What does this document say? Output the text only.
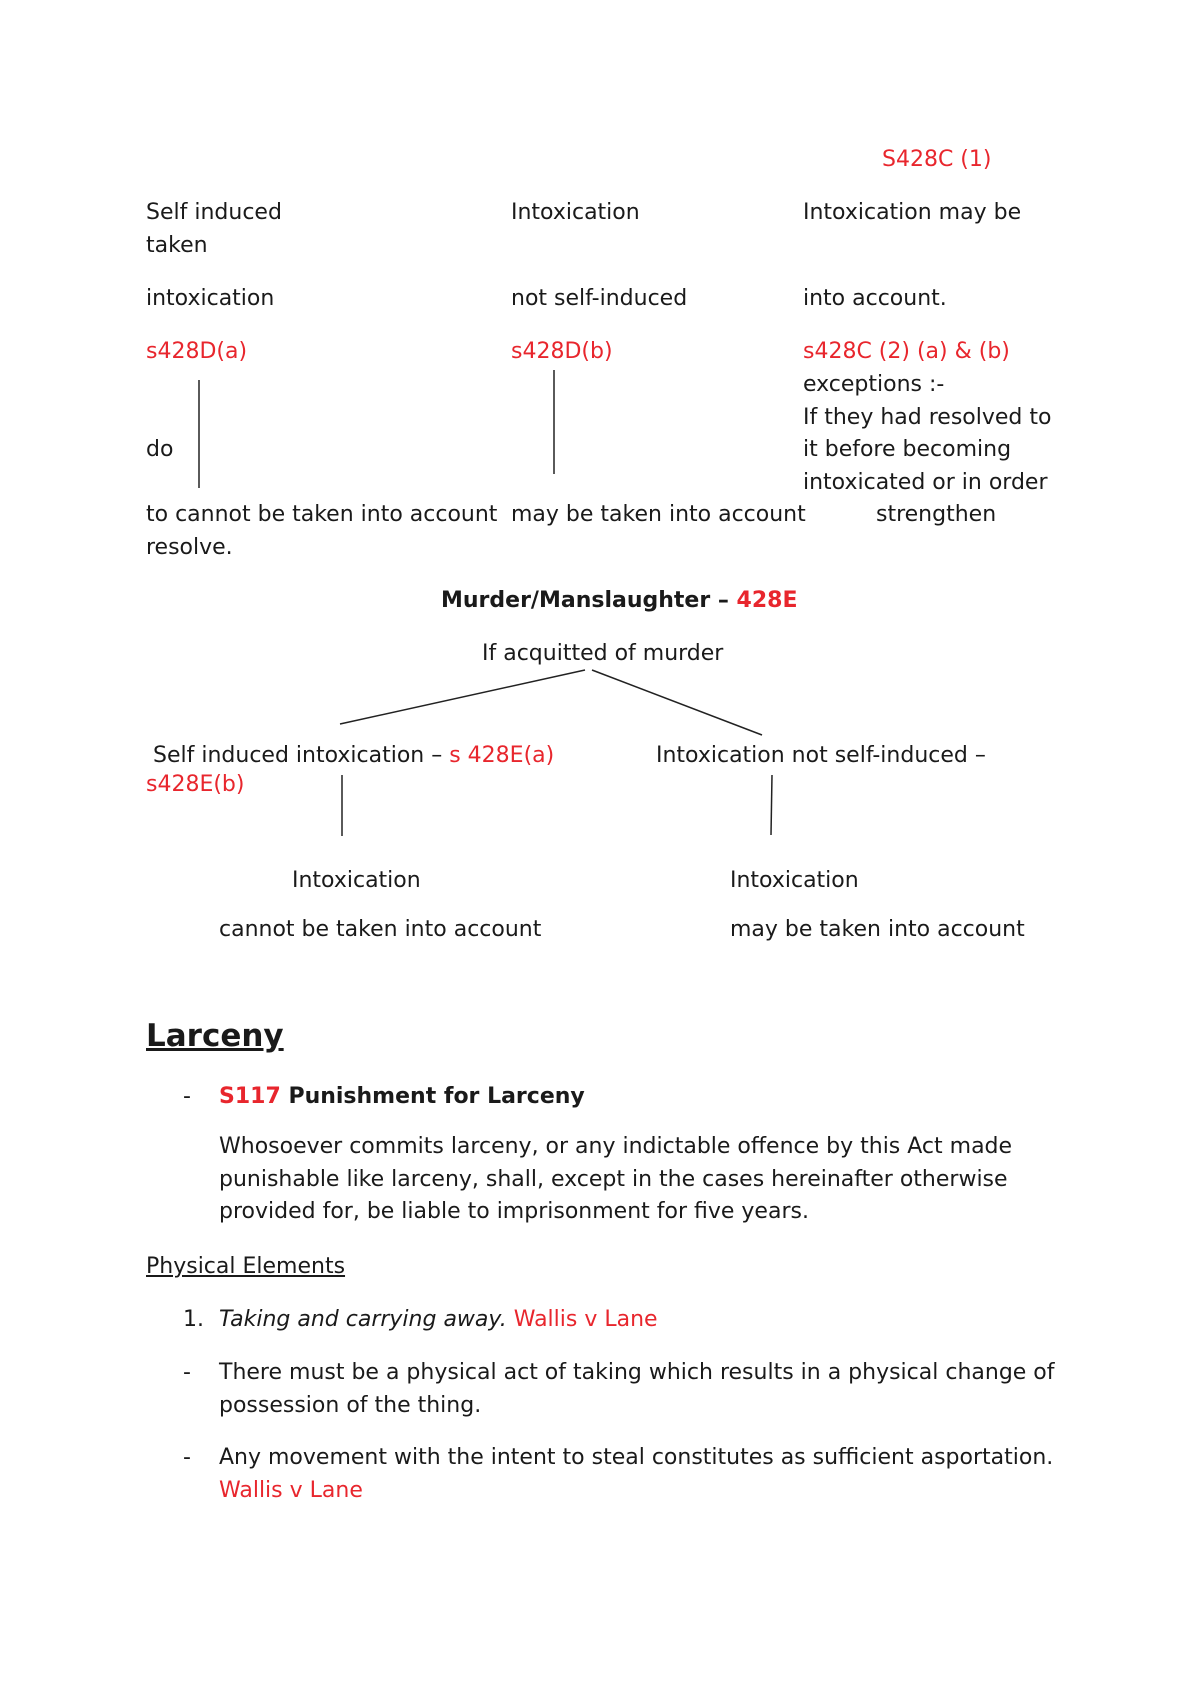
S428C (1)
Self induced
taken
intoxication
s428D(a)
do
to cannot be taken into account
resolve.
Intoxication
not self-induced
s428D(b)
may be taken into account
Intoxication may be
into account.
s428C (2) (a) & (b)
exceptions :-
If they had resolved to
it before becoming
intoxicated or in order
strengthen
Murder/Manslaughter – 428E
If acquitted of murder
Self induced intoxication – s 428E(a)	Intoxication not self-induced –
s428E(b)
Intoxication
cannot be taken into account
Intoxication
may be taken into account
Larceny
- S117 Punishment for Larceny
Whosoever commits larceny, or any indictable offence by this Act made punishable like larceny, shall, except in the cases hereinafter otherwise provided for, be liable to imprisonment for five years.
Physical Elements
1. Taking and carrying away. Wallis v Lane
- There must be a physical act of taking which results in a physical change of possession of the thing.
- Any movement with the intent to steal constitutes as sufficient asportation.
Wallis v Lane
